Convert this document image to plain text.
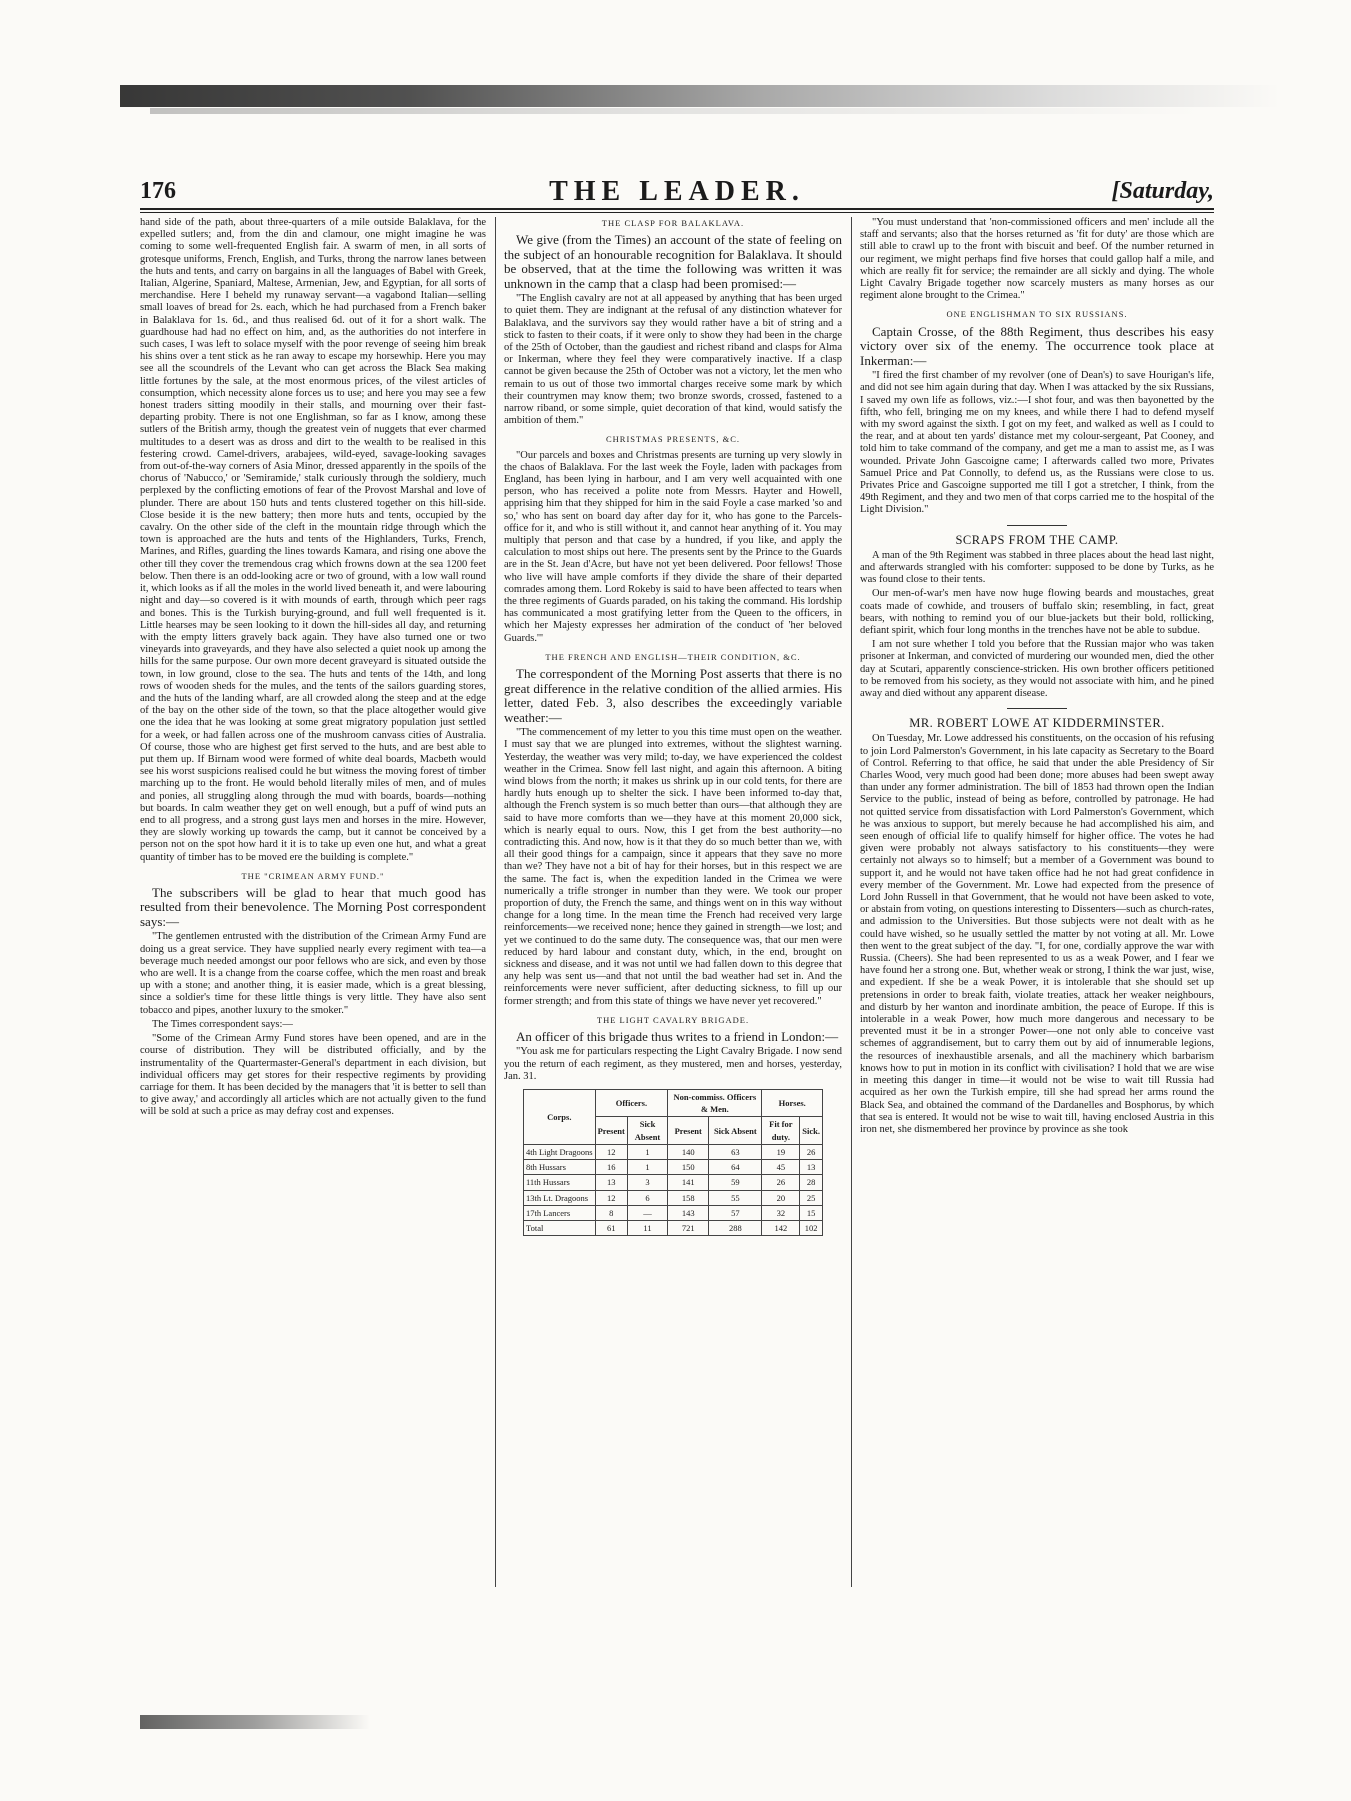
176	THE LEADER.	[Saturday,

hand side of the path, about three-quarters of a mile outside Balaklava, for the expelled sutlers; and, from the din and clamour, one might imagine he was coming to some well-frequented English fair. A swarm of men, in all sorts of grotesque uniforms, French, English, and Turks, throng the narrow lanes between the huts and tents, and carry on bargains in all the languages of Babel with Greek, Italian, Algerine, Spaniard, Maltese, Armenian, Jew, and Egyptian, for all sorts of merchandise. Here I beheld my runaway servant—a vagabond Italian—selling small loaves of bread for 2s. each, which he had purchased from a French baker in Balaklava for 1s. 6d., and thus realised 6d. out of it for a short walk. The guardhouse had had no effect on him, and, as the authorities do not interfere in such cases, I was left to solace myself with the poor revenge of seeing him break his shins over a tent stick as he ran away to escape my horsewhip. Here you may see all the scoundrels of the Levant who can get across the Black Sea making little fortunes by the sale, at the most enormous prices, of the vilest articles of consumption, which necessity alone forces us to use; and here you may see a few honest traders sitting moodily in their stalls, and mourning over their fast-departing probity. There is not one Englishman, so far as I know, among these sutlers of the British army, though the greatest vein of nuggets that ever charmed multitudes to a desert was as dross and dirt to the wealth to be realised in this festering crowd. Camel-drivers, arabajees, wild-eyed, savage-looking savages from out-of-the-way corners of Asia Minor, dressed apparently in the spoils of the chorus of 'Nabucco,' or 'Semiramide,' stalk curiously through the soldiery, much perplexed by the conflicting emotions of fear of the Provost Marshal and love of plunder. There are about 150 huts and tents clustered together on this hill-side. Close beside it is the new battery; then more huts and tents, occupied by the cavalry. On the other side of the cleft in the mountain ridge through which the town is approached are the huts and tents of the Highlanders, Turks, French, Marines, and Rifles, guarding the lines towards Kamara, and rising one above the other till they cover the tremendous crag which frowns down at the sea 1200 feet below. Then there is an odd-looking acre or two of ground, with a low wall round it, which looks as if all the moles in the world lived beneath it, and were labouring night and day—so covered is it with mounds of earth, through which peer rags and bones. This is the Turkish burying-ground, and full well frequented is it. Little hearses may be seen looking to it down the hill-sides all day, and returning with the empty litters gravely back again. They have also turned one or two vineyards into graveyards, and they have also selected a quiet nook up among the hills for the same purpose. Our own more decent graveyard is situated outside the town, in low ground, close to the sea. The huts and tents of the 14th, and long rows of wooden sheds for the mules, and the tents of the sailors guarding stores, and the huts of the landing wharf, are all crowded along the steep and at the edge of the bay on the other side of the town, so that the place altogether would give one the idea that he was looking at some great migratory population just settled for a week, or had fallen across one of the mushroom canvass cities of Australia. Of course, those who are highest get first served to the huts, and are best able to put them up. If Birnam wood were formed of white deal boards, Macbeth would see his worst suspicions realised could he but witness the moving forest of timber marching up to the front. He would behold literally miles of men, and of mules and ponies, all struggling along through the mud with boards, boards—nothing but boards. In calm weather they get on well enough, but a puff of wind puts an end to all progress, and a strong gust lays men and horses in the mire. However, they are slowly working up towards the camp, but it cannot be conceived by a person not on the spot how hard it it is to take up even one hut, and what a great quantity of timber has to be moved ere the building is complete."

THE "CRIMEAN ARMY FUND."

The subscribers will be glad to hear that much good has resulted from their benevolence. The Morning Post correspondent says:—

"The gentlemen entrusted with the distribution of the Crimean Army Fund are doing us a great service. They have supplied nearly every regiment with tea—a beverage much needed amongst our poor fellows who are sick, and even by those who are well. It is a change from the coarse coffee, which the men roast and break up with a stone; and another thing, it is easier made, which is a great blessing, since a soldier's time for these little things is very little. They have also sent tobacco and pipes, another luxury to the smoker."

The Times correspondent says:—

"Some of the Crimean Army Fund stores have been opened, and are in the course of distribution. They will be distributed officially, and by the instrumentality of the Quartermaster-General's department in each division, but individual officers may get stores for their respective regiments by providing carriage for them. It has been decided by the managers that 'it is better to sell than to give away,' and accordingly all articles which are not actually given to the fund will be sold at such a price as may defray cost and expenses.

THE CLASP FOR BALAKLAVA.

We give (from the Times) an account of the state of feeling on the subject of an honourable recognition for Balaklava. It should be observed, that at the time the following was written it was unknown in the camp that a clasp had been promised:—

"The English cavalry are not at all appeased by anything that has been urged to quiet them. They are indignant at the refusal of any distinction whatever for Balaklava, and the survivors say they would rather have a bit of string and a stick to fasten to their coats, if it were only to show they had been in the charge of the 25th of October, than the gaudiest and richest riband and clasps for Alma or Inkerman, where they feel they were comparatively inactive. If a clasp cannot be given because the 25th of October was not a victory, let the men who remain to us out of those two immortal charges receive some mark by which their countrymen may know them; two bronze swords, crossed, fastened to a narrow riband, or some simple, quiet decoration of that kind, would satisfy the ambition of them."

CHRISTMAS PRESENTS, &C.

"Our parcels and boxes and Christmas presents are turning up very slowly in the chaos of Balaklava. For the last week the Foyle, laden with packages from England, has been lying in harbour, and I am very well acquainted with one person, who has received a polite note from Messrs. Hayter and Howell, apprising him that they shipped for him in the said Foyle a case marked 'so and so,' who has sent on board day after day for it, who has gone to the Parcels-office for it, and who is still without it, and cannot hear anything of it. You may multiply that person and that case by a hundred, if you like, and apply the calculation to most ships out here. The presents sent by the Prince to the Guards are in the St. Jean d'Acre, but have not yet been delivered. Poor fellows! Those who live will have ample comforts if they divide the share of their departed comrades among them. Lord Rokeby is said to have been affected to tears when the three regiments of Guards paraded, on his taking the command. His lordship has communicated a most gratifying letter from the Queen to the officers, in which her Majesty expresses her admiration of the conduct of 'her beloved Guards.'"

THE FRENCH AND ENGLISH—THEIR CONDITION, &C.

The correspondent of the Morning Post asserts that there is no great difference in the relative condition of the allied armies. His letter, dated Feb. 3, also describes the exceedingly variable weather:—

"The commencement of my letter to you this time must open on the weather. I must say that we are plunged into extremes, without the slightest warning. Yesterday, the weather was very mild; to-day, we have experienced the coldest weather in the Crimea. Snow fell last night, and again this afternoon. A biting wind blows from the north; it makes us shrink up in our cold tents, for there are hardly huts enough up to shelter the sick. I have been informed to-day that, although the French system is so much better than ours—that although they are said to have more comforts than we—they have at this moment 20,000 sick, which is nearly equal to ours. Now, this I get from the best authority—no contradicting this. And now, how is it that they do so much better than we, with all their good things for a campaign, since it appears that they save no more than we? They have not a bit of hay for their horses, but in this respect we are the same. The fact is, when the expedition landed in the Crimea we were numerically a trifle stronger in number than they were. We took our proper proportion of duty, the French the same, and things went on in this way without change for a long time. In the mean time the French had received very large reinforcements—we received none; hence they gained in strength—we lost; and yet we continued to do the same duty. The consequence was, that our men were reduced by hard labour and constant duty, which, in the end, brought on sickness and disease, and it was not until we had fallen down to this degree that any help was sent us—and that not until the bad weather had set in. And the reinforcements were never sufficient, after deducting sickness, to fill up our former strength; and from this state of things we have never yet recovered."

THE LIGHT CAVALRY BRIGADE.

An officer of this brigade thus writes to a friend in London:—

"You ask me for particulars respecting the Light Cavalry Brigade. I now send you the return of each regiment, as they mustered, men and horses, yesterday, Jan. 31.

Corps.	Officers.		Non-commiss. Officers & Men.		Horses.	
	Present	Sick Absent	Present	Sick Absent	Fit for duty.	Sick.
4th Light Dragoons	12	1	140	63	19	26
8th Hussars	16	1	150	64	45	13
11th Hussars	13	3	141	59	26	28
13th Lt. Dragoons	12	6	158	55	20	25
17th Lancers	8	—	143	57	32	15
Total	61	11	721	288	142	102

"You must understand that 'non-commissioned officers and men' include all the staff and servants; also that the horses returned as 'fit for duty' are those which are still able to crawl up to the front with biscuit and beef. Of the number returned in our regiment, we might perhaps find five horses that could gallop half a mile, and which are really fit for service; the remainder are all sickly and dying. The whole Light Cavalry Brigade together now scarcely musters as many horses as our regiment alone brought to the Crimea."

ONE ENGLISHMAN TO SIX RUSSIANS.

Captain Crosse, of the 88th Regiment, thus describes his easy victory over six of the enemy. The occurrence took place at Inkerman:—

"I fired the first chamber of my revolver (one of Dean's) to save Hourigan's life, and did not see him again during that day. When I was attacked by the six Russians, I saved my own life as follows, viz.:—I shot four, and was then bayonetted by the fifth, who fell, bringing me on my knees, and while there I had to defend myself with my sword against the sixth. I got on my feet, and walked as well as I could to the rear, and at about ten yards' distance met my colour-sergeant, Pat Cooney, and told him to take command of the company, and get me a man to assist me, as I was wounded. Private John Gascoigne came; I afterwards called two more, Privates Samuel Price and Pat Connolly, to defend us, as the Russians were close to us. Privates Price and Gascoigne supported me till I got a stretcher, I think, from the 49th Regiment, and they and two men of that corps carried me to the hospital of the Light Division."

SCRAPS FROM THE CAMP.

A man of the 9th Regiment was stabbed in three places about the head last night, and afterwards strangled with his comforter: supposed to be done by Turks, as he was found close to their tents.

Our men-of-war's men have now huge flowing beards and moustaches, great coats made of cowhide, and trousers of buffalo skin; resembling, in fact, great bears, with nothing to remind you of our blue-jackets but their bold, rollicking, defiant spirit, which four long months in the trenches have not be able to subdue.

I am not sure whether I told you before that the Russian major who was taken prisoner at Inkerman, and convicted of murdering our wounded men, died the other day at Scutari, apparently conscience-stricken. His own brother officers petitioned to be removed from his society, as they would not associate with him, and he pined away and died without any apparent disease.

MR. ROBERT LOWE AT KIDDERMINSTER.

On Tuesday, Mr. Lowe addressed his constituents, on the occasion of his refusing to join Lord Palmerston's Government, in his late capacity as Secretary to the Board of Control. Referring to that office, he said that under the able Presidency of Sir Charles Wood, very much good had been done; more abuses had been swept away than under any former administration. The bill of 1853 had thrown open the Indian Service to the public, instead of being as before, controlled by patronage. He had not quitted service from dissatisfaction with Lord Palmerston's Government, which he was anxious to support, but merely because he had accomplished his aim, and seen enough of official life to qualify himself for higher office. The votes he had given were probably not always satisfactory to his constituents—they were certainly not always so to himself; but a member of a Government was bound to support it, and he would not have taken office had he not had great confidence in every member of the Government. Mr. Lowe had expected from the presence of Lord John Russell in that Government, that he would not have been asked to vote, or abstain from voting, on questions interesting to Dissenters—such as church-rates, and admission to the Universities. But those subjects were not dealt with as he could have wished, so he usually settled the matter by not voting at all. Mr. Lowe then went to the great subject of the day. "I, for one, cordially approve the war with Russia. (Cheers). She had been represented to us as a weak Power, and I fear we have found her a strong one. But, whether weak or strong, I think the war just, wise, and expedient. If she be a weak Power, it is intolerable that she should set up pretensions in order to break faith, violate treaties, attack her weaker neighbours, and disturb by her wanton and inordinate ambition, the peace of Europe. If this is intolerable in a weak Power, how much more dangerous and necessary to be prevented must it be in a stronger Power—one not only able to conceive vast schemes of aggrandisement, but to carry them out by aid of innumerable legions, the resources of inexhaustible arsenals, and all the machinery which barbarism knows how to put in motion in its conflict with civilisation? I hold that we are wise in meeting this danger in time—it would not be wise to wait till Russia had acquired as her own the Turkish empire, till she had spread her arms round the Black Sea, and obtained the command of the Dardanelles and Bosphorus, by which that sea is entered. It would not be wise to wait till, having enclosed Austria in this iron net, she dismembered her province by province as she took
